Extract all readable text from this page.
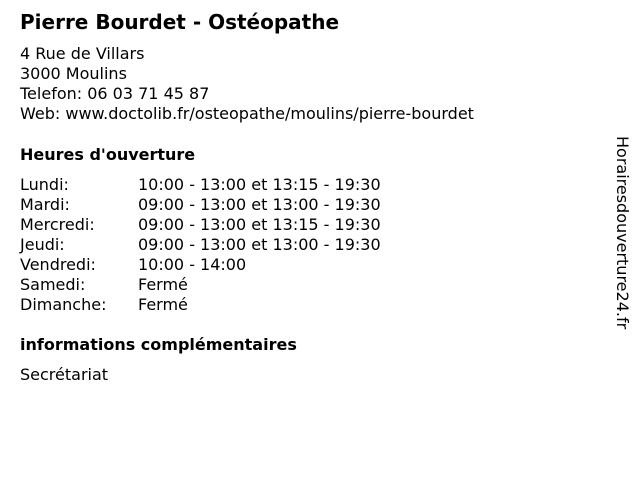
Pierre Bourdet - Ostéopathe
4 Rue de Villars
3000 Moulins
Telefon: 06 03 71 45 87
Web: www.doctolib.fr/osteopathe/moulins/pierre-bourdet
Heures d'ouverture
Lundi:	10:00 - 13:00 et 13:15 - 19:30
Mardi:	09:00 - 13:00 et 13:00 - 19:30
Mercredi:	09:00 - 13:00 et 13:15 - 19:30
Jeudi:	09:00 - 13:00 et 13:00 - 19:30
Vendredi:	10:00 - 14:00
Samedi:	Fermé
Dimanche:	Fermé
informations complémentaires
Secrétariat
Horairesdouverture24.fr
